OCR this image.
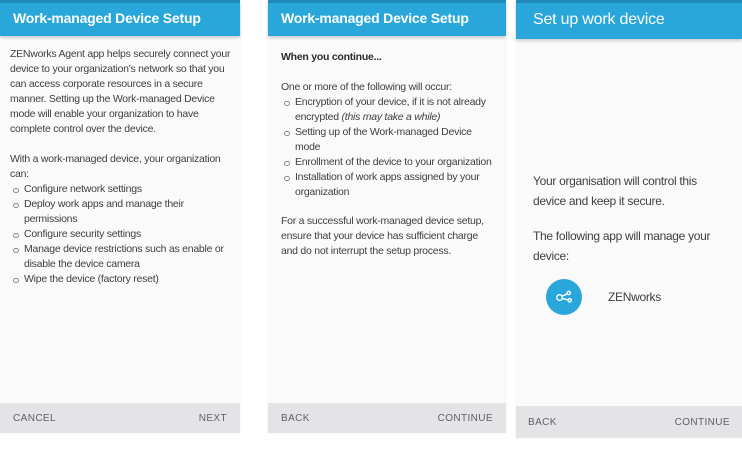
Work-managed Device Setup

ZENworks Agent app helps securely connect your device to your organization's network so that you can access corporate resources in a secure manner. Setting up the Work-managed Device mode will enable your organization to have complete control over the device.

With a work-managed device, your organization can:

Configure network settings
Deploy work apps and manage their permissions
Configure security settings
Manage device restrictions such as enable or disable the device camera
Wipe the device (factory reset)
CANCEL	NEXT
Work-managed Device Setup

When you continue...

One or more of the following will occur:

Encryption of your device, if it is not already encrypted (this may take a while)
Setting up of the Work-managed Device mode
Enrollment of the device to your organization
Installation of work apps assigned by your organization

For a successful work-managed device setup, ensure that your device has sufficient charge and do not interrupt the setup process.

BACK	CONTINUE
Set up work device

Your organisation will control this device and keep it secure.

The following app will manage your device:

ZENworks
BACK	CONTINUE
